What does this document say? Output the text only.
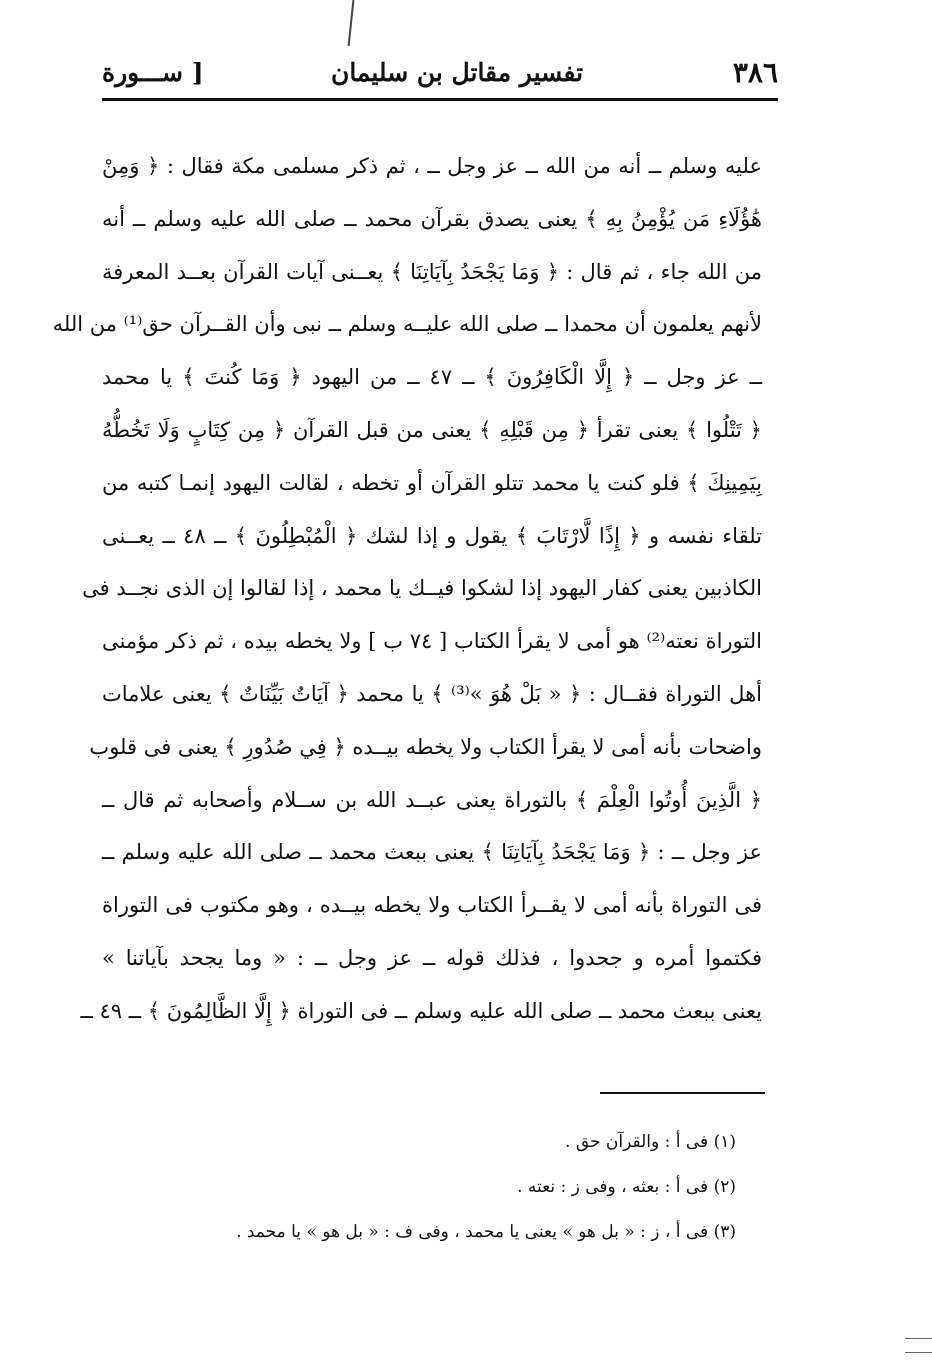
٣٨٦
تفسير مقاتل بن سليمان
[ ســـورة
عليه وسلم ــ أنه من الله ــ عز وجل ــ ، ثم ذكر مسلمى مكة فقال : ﴿ وَمِنْ
هَٰؤُلَاءِ مَن يُؤْمِنُ بِهِ ﴾ يعنى يصدق بقرآن محمد ــ صلى الله عليه وسلم ــ أنه
من الله جاء ، ثم قال : ﴿ وَمَا يَجْحَدُ بِآيَاتِنَا ﴾ يعــنى آيات القرآن بعــد المعرفة
لأنهم يعلمون أن محمدا ــ صلى الله عليــه وسلم ــ نبى وأن القــرآن حق⁽¹⁾ من الله
ــ عز وجل ــ ﴿ إِلَّا الْكَافِرُونَ ﴾ ــ ٤٧ ــ من اليهود ﴿ وَمَا كُنتَ ﴾ يا محمد
﴿ تَتْلُوا ﴾ يعنى تقرأ ﴿ مِن قَبْلِهِ ﴾ يعنى من قبل القرآن ﴿ مِن كِتَابٍ وَلَا تَخُطُّهُ
بِيَمِينِكَ ﴾ فلو كنت يا محمد تتلو القرآن أو تخطه ، لقالت اليهود إنمـا كتبه من
تلقاء نفسه و ﴿ إِذًا لَّارْتَابَ ﴾ يقول و إذا لشك ﴿ الْمُبْطِلُونَ ﴾ ــ ٤٨ ــ يعــنى
الكاذبين يعنى كفار اليهود إذا لشكوا فيــك يا محمد ، إذا لقالوا إن الذى نجــد فى
التوراة نعته⁽²⁾ هو أمى لا يقرأ الكتاب [ ٧٤ ب ] ولا يخطه بيده ، ثم ذكر مؤمنى
أهل التوراة فقــال : ﴿ « بَلْ هُوَ »⁽³⁾ ﴾ يا محمد ﴿ آيَاتٌ بَيِّنَاتٌ ﴾ يعنى علامات
واضحات بأنه أمى لا يقرأ الكتاب ولا يخطه بيــده ﴿ فِي صُدُورِ ﴾ يعنى فى قلوب
﴿ الَّذِينَ أُوتُوا الْعِلْمَ ﴾ بالتوراة يعنى عبــد الله بن ســلام وأصحابه ثم قال ــ
عز وجل ــ : ﴿ وَمَا يَجْحَدُ بِآيَاتِنَا ﴾ يعنى ببعث محمد ــ صلى الله عليه وسلم ــ
فى التوراة بأنه أمى لا يقــرأ الكتاب ولا يخطه بيــده ، وهو مكتوب فى التوراة
فكتموا أمره و جحدوا ، فذلك قوله ــ عز وجل ــ : « وما يجحد بآياتنا »
يعنى ببعث محمد ــ صلى الله عليه وسلم ــ فى التوراة ﴿ إِلَّا الظَّالِمُونَ ﴾ ــ ٤٩ ــ
(١) فى أ : والقرآن حق .
(٢) فى أ : بعثه ، وفى ز : نعته .
(٣) فى أ ، ز : « بل هو » يعنى يا محمد ، وفى ف : « بل هو » يا محمد .
